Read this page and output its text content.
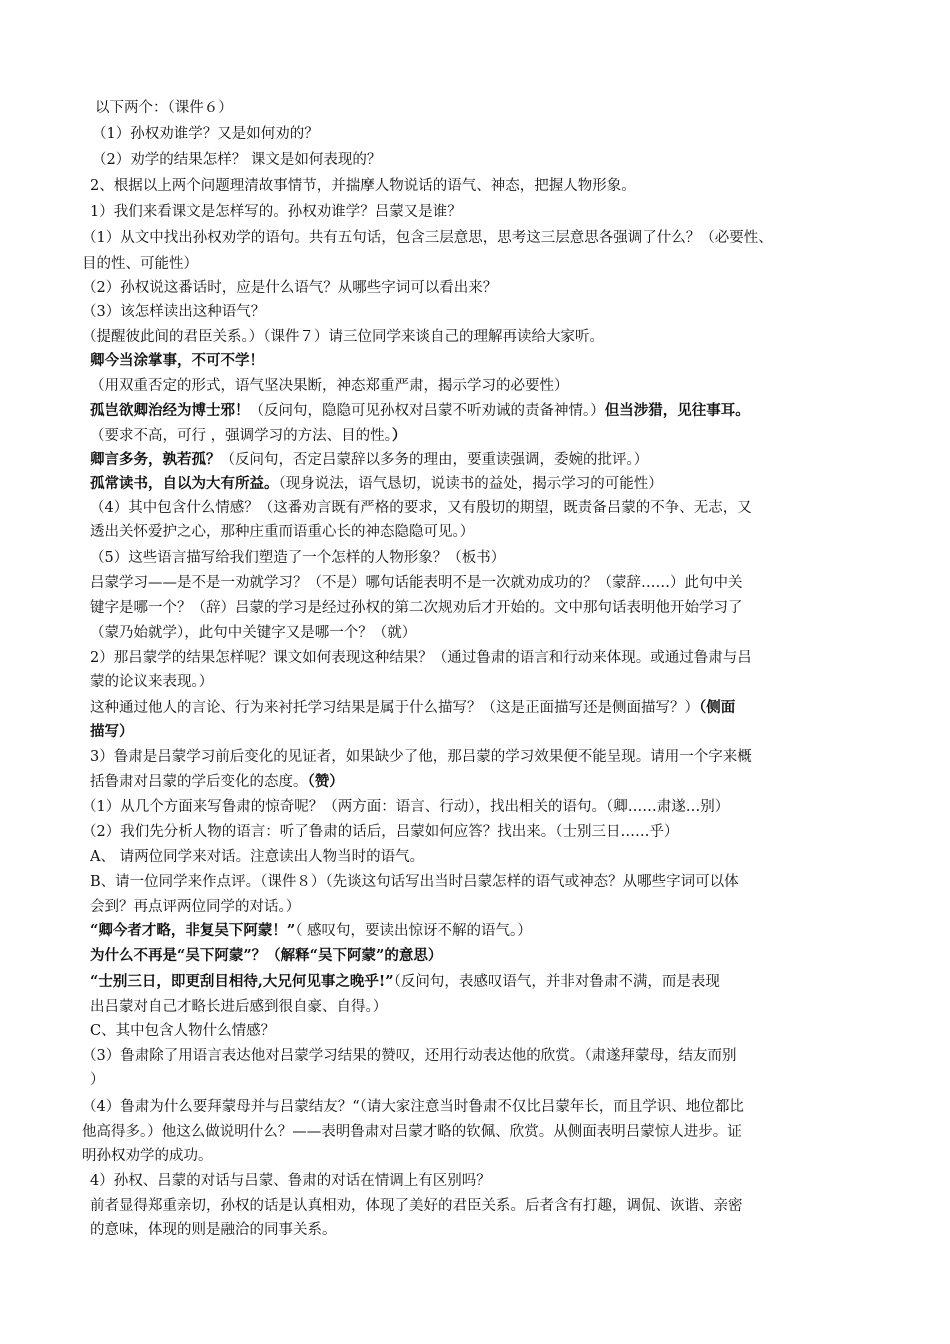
以下两个：（课件６）
（1）孙权劝谁学？又是如何劝的？
（2）劝学的结果怎样？ 课文是如何表现的？
2、根据以上两个问题理清故事情节，并揣摩人物说话的语气、神态，把握人物形象。
1）我们来看课文是怎样写的。孙权劝谁学？吕蒙又是谁？
（1）从文中找出孙权劝学的语句。共有五句话，包含三层意思，思考这三层意思各强调了什么？（必要性、
目的性、可能性）
（2）孙权说这番话时，应是什么语气？从哪些字词可以看出来？
（3）该怎样读出这种语气？
（提醒彼此间的君臣关系。）（课件７）请三位同学来谈自己的理解再读给大家听。
卿今当涂掌事，不可不学！
（用双重否定的形式，语气坚决果断，神态郑重严肃，揭示学习的必要性）
孤岂欲卿治经为博士邪！（反问句，隐隐可见孙权对吕蒙不听劝诫的责备神情。）但当涉猎，见往事耳。
（要求不高，可行 ，强调学习的方法、目的性。）
卿言多务，孰若孤？（反问句，否定吕蒙辞以多务的理由，要重读强调，委婉的批评。）
孤常读书，自以为大有所益。（现身说法，语气恳切，说读书的益处，揭示学习的可能性）
（4）其中包含什么情感？（这番劝言既有严格的要求，又有殷切的期望，既责备吕蒙的不争、无志，又
透出关怀爱护之心，那种庄重而语重心长的神态隐隐可见。）
（5）这些语言描写给我们塑造了一个怎样的人物形象？（板书）
吕蒙学习——是不是一劝就学习？（不是）哪句话能表明不是一次就劝成功的？（蒙辞……）此句中关
键字是哪一个？（辞）吕蒙的学习是经过孙权的第二次规劝后才开始的。文中那句话表明他开始学习了
（蒙乃始就学），此句中关键字又是哪一个？（就）
2）那吕蒙学的结果怎样呢？课文如何表现这种结果？（通过鲁肃的语言和行动来体现。或通过鲁肃与吕
蒙的论议来表现。）
这种通过他人的言论、行为来衬托学习结果是属于什么描写？（这是正面描写还是侧面描写？）（侧面
描写）
3）鲁肃是吕蒙学习前后变化的见证者，如果缺少了他，那吕蒙的学习效果便不能呈现。请用一个字来概
括鲁肃对吕蒙的学后变化的态度。（赞）
（1）从几个方面来写鲁肃的惊奇呢？（两方面：语言、行动），找出相关的语句。（卿……肃遂…别）
（2）我们先分析人物的语言：听了鲁肃的话后，吕蒙如何应答？找出来。（士别三日……乎）
A、 请两位同学来对话。注意读出人物当时的语气。
B、请一位同学来作点评。（课件８）（先谈这句话写出当时吕蒙怎样的语气或神态？从哪些字词可以体
会到？再点评两位同学的对话。）
“卿今者才略，非复吴下阿蒙！”（ 感叹句，要读出惊讶不解的语气。）
为什么不再是“吴下阿蒙”？（解释“吴下阿蒙”的意思）
“士别三日，即更刮目相待,大兄何见事之晚乎!”（反问句，表感叹语气，并非对鲁肃不满，而是表现
出吕蒙对自己才略长进后感到很自豪、自得。）
C、其中包含人物什么情感？
（3）鲁肃除了用语言表达他对吕蒙学习结果的赞叹，还用行动表达他的欣赏。（肃遂拜蒙母，结友而别
）
（4）鲁肃为什么要拜蒙母并与吕蒙结友？“（请大家注意当时鲁肃不仅比吕蒙年长，而且学识、地位都比
他高得多。）他这么做说明什么？——表明鲁肃对吕蒙才略的钦佩、欣赏。从侧面表明吕蒙惊人进步。证
明孙权劝学的成功。
4）孙权、吕蒙的对话与吕蒙、鲁肃的对话在情调上有区别吗？
前者显得郑重亲切，孙权的话是认真相劝，体现了美好的君臣关系。后者含有打趣，调侃、诙谐、亲密
的意味，体现的则是融洽的同事关系。
